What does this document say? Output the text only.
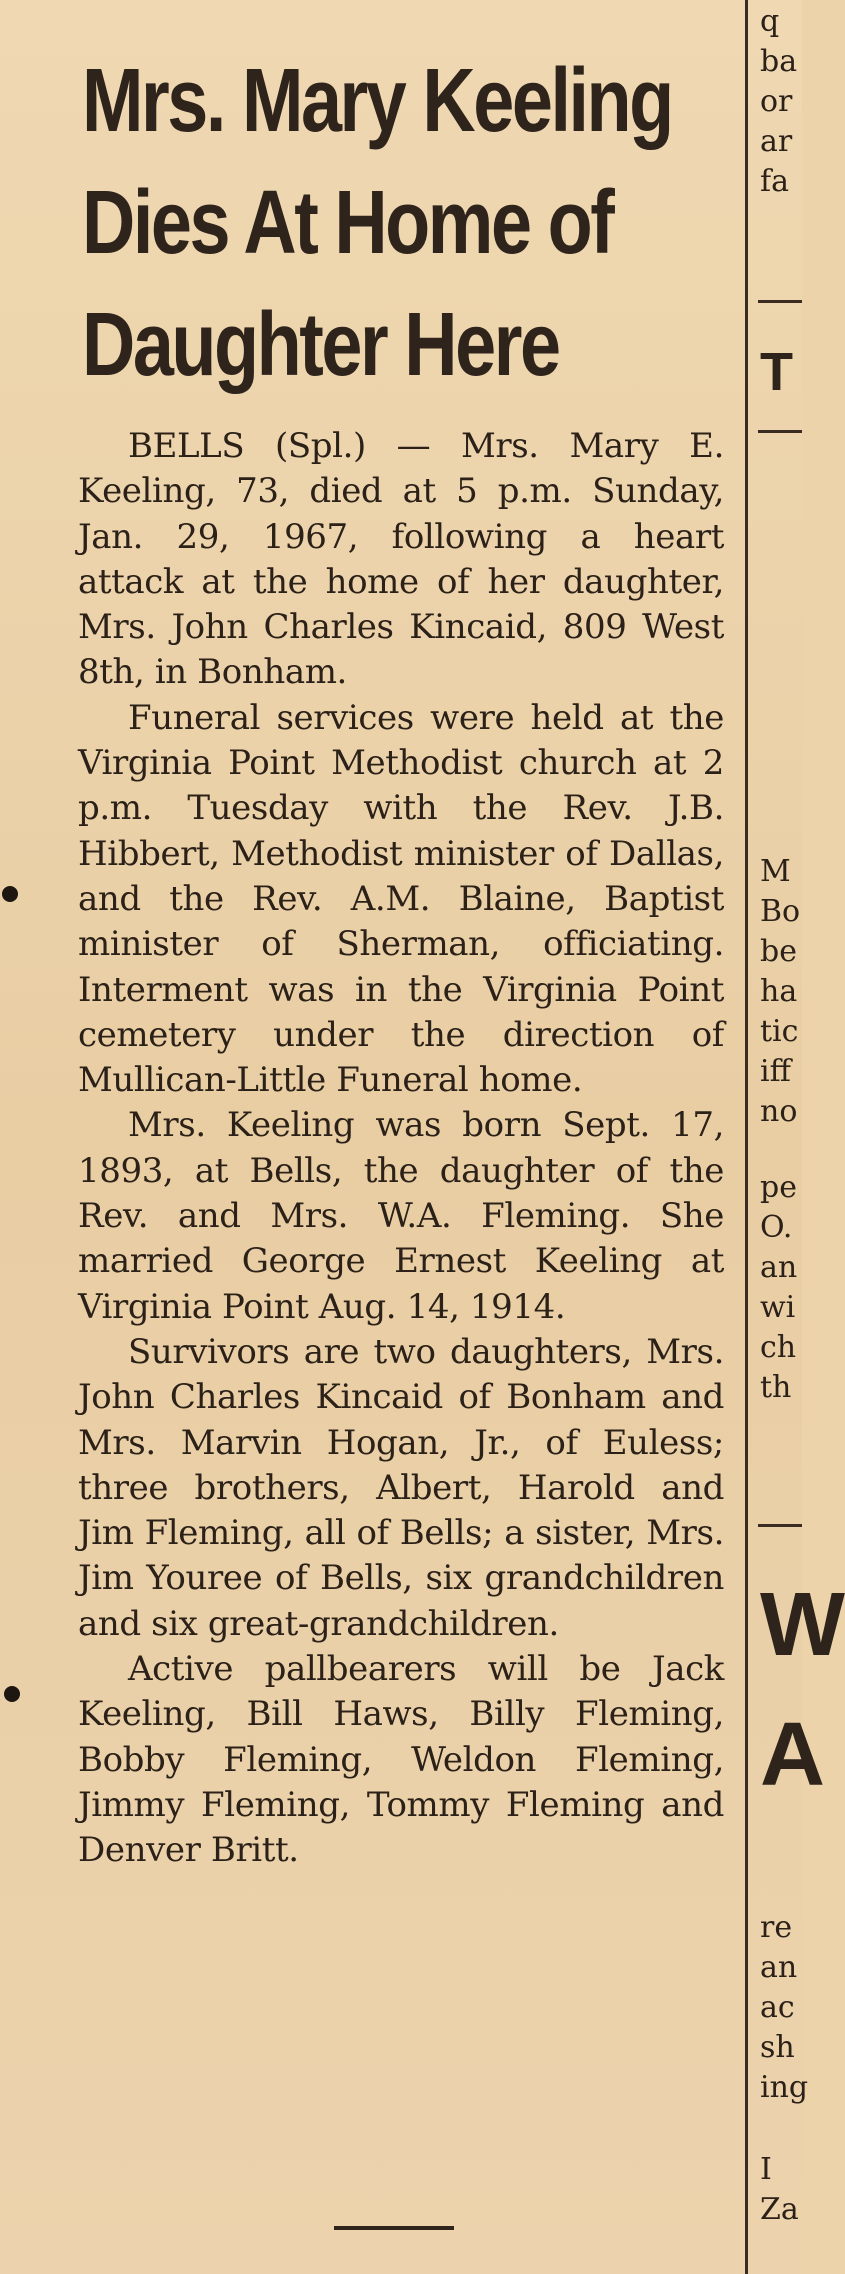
Mrs. Mary Keeling
Dies At Home of
Daughter Here

BELLS (Spl.) — Mrs. Mary E. Keeling, 73, died at 5 p.m. Sunday, Jan. 29, 1967, following a heart attack at the home of her daughter, Mrs. John Charles Kincaid, 809 West 8th, in Bonham.

Funeral services were held at the Virginia Point Methodist church at 2 p.m. Tuesday with the Rev. J.B. Hibbert, Methodist minister of Dallas, and the Rev. A.M. Blaine, Baptist minister of Sherman, officiating. Interment was in the Virginia Point cemetery under the direction of Mullican-Little Funeral home.

Mrs. Keeling was born Sept. 17, 1893, at Bells, the daughter of the Rev. and Mrs. W.A. Fleming. She married George Ernest Keeling at Virginia Point Aug. 14, 1914.

Survivors are two daughters, Mrs. John Charles Kincaid of Bonham and Mrs. Marvin Hogan, Jr., of Euless; three brothers, Albert, Harold and Jim Fleming, all of Bells; a sister, Mrs. Jim Youree of Bells, six grandchildren and six great-grandchildren.

Active pallbearers will be Jack Keeling, Bill Haws, Billy Fleming, Bobby Fleming, Weldon Fleming, Jimmy Fleming, Tommy Fleming and Denver Britt.

q
ba
or
ar
fa
T
M
Bo
be
ha
tic
iff
no
pe
O.
an
wi
ch
th
W
A
re
an
ac
sh
ing
I
Za
